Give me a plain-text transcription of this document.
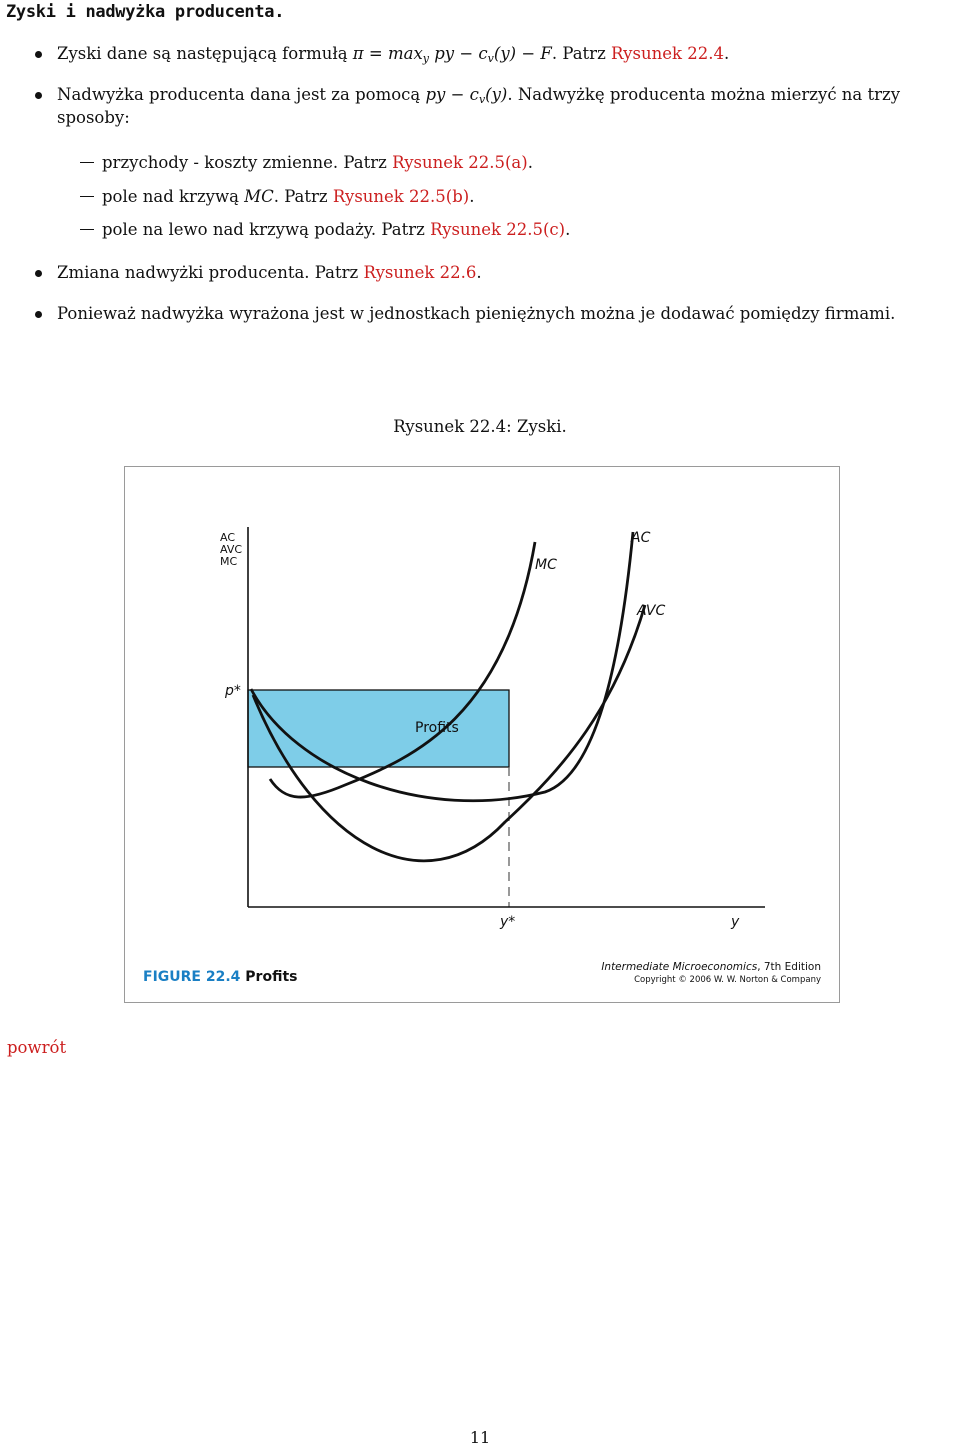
Zyski i nadwyżka producenta.
Zyski dane są następującą formułą $\pi = \max_y$ py − $c_v(y) - F$. Patrz Rysunek 22.4.
Nadwyżka producenta dana jest za pomocą py − $c_v(y)$. Nadwyżkę producenta można mierzyć na trzy
sposoby:
przychody - koszty zmienne. Patrz Rysunek 22.5(a).
pole nad krzywą MC. Patrz Rysunek 22.5(b).
pole na lewo nad krzywą podaży. Patrz Rysunek 22.5(c).
Zmiana nadwyżki producenta. Patrz Rysunek 22.6.
Ponieważ nadwyżka wyrażona jest w jednostkach pieniężnych można je dodawać pomiędzy firmami.
Rysunek 22.4: Zyski.
AC
AVC
MC	MC
AC
AVC
p*
Profits
y*	y
FIGURE 22.4 Profits
Intermediate Microeconomics, 7th Edition
Copyright © 2006 W. W. Norton & Company
powrót
11
